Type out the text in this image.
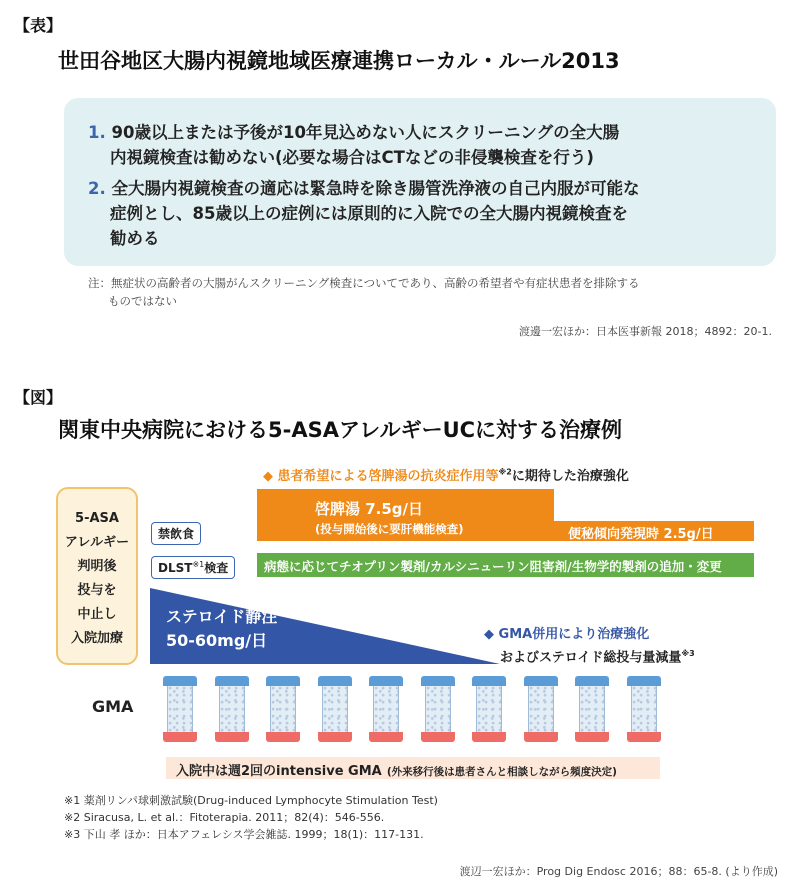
【表】
世田谷地区大腸内視鏡地域医療連携ローカル・ルール2013
1. 90歳以上または予後が10年見込めない人にスクリーニングの全大腸
内視鏡検査は勧めない(必要な場合はCTなどの非侵襲検査を行う)
2. 全大腸内視鏡検査の適応は緊急時を除き腸管洗浄液の自己内服が可能な
症例とし、85歳以上の症例には原則的に入院での全大腸内視鏡検査を
勧める
注：無症状の高齢者の大腸がんスクリーニング検査についてであり、高齢の希望者や有症状患者を排除する
ものではない
渡邊一宏ほか：日本医事新報 2018；4892：20-1.
【図】
関東中央病院における5-ASAアレルギーUCに対する治療例
5-ASA
アレルギー
判明後
投与を
中止し
入院加療
禁飲食
DLST$^{※1}$検査
◆ 患者希望による啓脾湯の抗炎症作用等$^{※2}$に期待した治療強化
啓脾湯 7.5g/日
(投与開始後に要肝機能検査)	便秘傾向発現時 2.5g/日
病態に応じてチオプリン製剤/カルシニューリン阻害剤/生物学的製剤の追加・変更
ステロイド静注
50-60mg/日	◆ GMA併用により治療強化
およびステロイド総投与量減量$^{※3}$
GMA
入院中は週2回のintensive GMA (外来移行後は患者さんと相談しながら頻度決定)
※1 薬剤リンパ球刺激試験(Drug-induced Lymphocyte Stimulation Test)
※2 Siracusa, L. et al.：Fitoterapia. 2011；82(4)：546-556.
※3 下山 孝 ほか：日本アフェレシス学会雑誌. 1999；18(1)：117-131.
渡辺一宏ほか：Prog Dig Endosc 2016；88：65-8. (より作成)
